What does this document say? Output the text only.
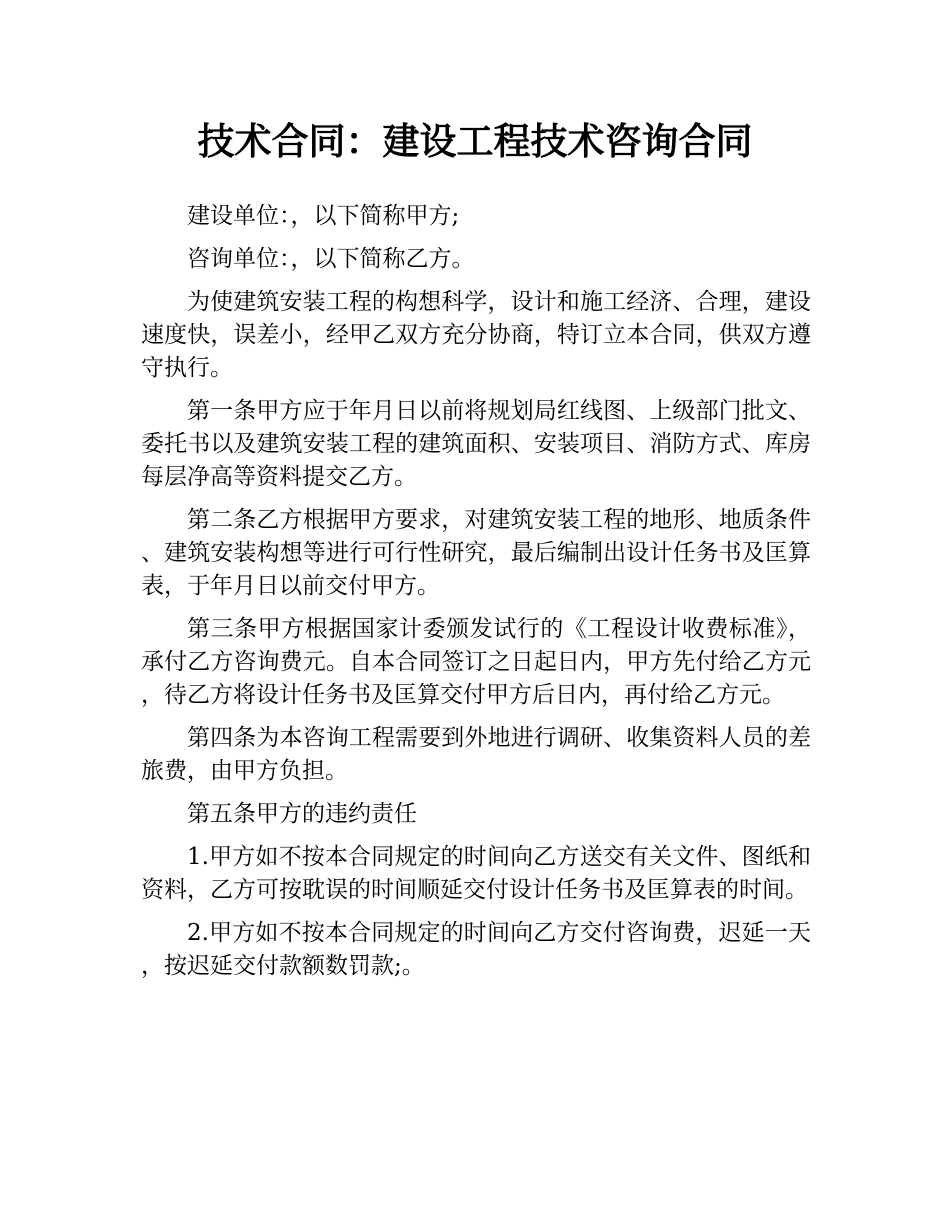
技术合同：建设工程技术咨询合同

建设单位：，以下简称甲方;

咨询单位：，以下简称乙方。

为使建筑安装工程的构想科学，设计和施工经济、合理，建设速度快，误差小，经甲乙双方充分协商，特订立本合同，供双方遵守执行。

第一条甲方应于年月日以前将规划局红线图、上级部门批文、委托书以及建筑安装工程的建筑面积、安装项目、消防方式、库房每层净高等资料提交乙方。

第二条乙方根据甲方要求，对建筑安装工程的地形、地质条件、建筑安装构想等进行可行性研究，最后编制出设计任务书及匡算表，于年月日以前交付甲方。

第三条甲方根据国家计委颁发试行的《工程设计收费标准》，承付乙方咨询费元。自本合同签订之日起日内，甲方先付给乙方元，待乙方将设计任务书及匡算交付甲方后日内，再付给乙方元。

第四条为本咨询工程需要到外地进行调研、收集资料人员的差旅费，由甲方负担。

第五条甲方的违约责任

1.甲方如不按本合同规定的时间向乙方送交有关文件、图纸和资料，乙方可按耽误的时间顺延交付设计任务书及匡算表的时间。

2.甲方如不按本合同规定的时间向乙方交付咨询费，迟延一天，按迟延交付款额数罚款;。
